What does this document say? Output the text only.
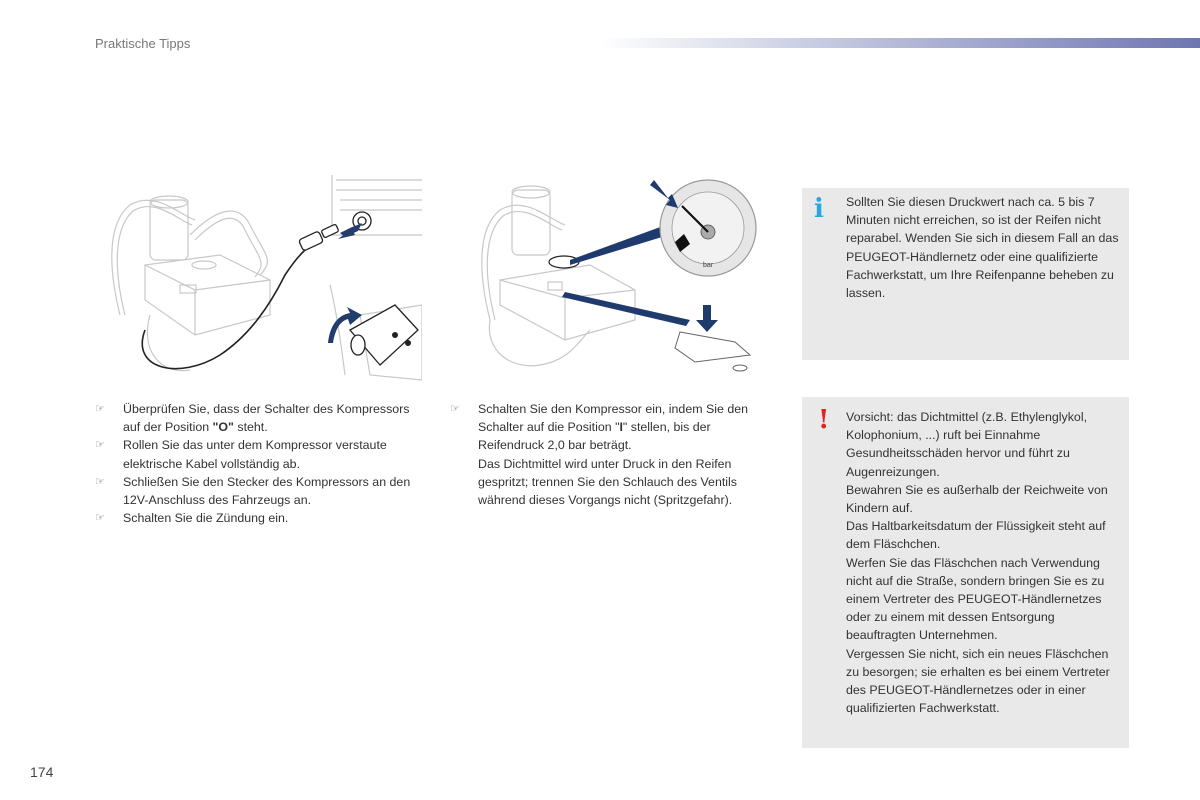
Praktische Tipps
bar
☞ Überprüfen Sie, dass der Schalter des Kompressors auf der Position "O" steht.
☞ Rollen Sie das unter dem Kompressor verstaute elektrische Kabel vollständig ab.
☞ Schließen Sie den Stecker des Kompressors an den 12V-Anschluss des Fahrzeugs an.
☞ Schalten Sie die Zündung ein.
☞ Schalten Sie den Kompressor ein, indem Sie den Schalter auf die Position "I" stellen, bis der Reifendruck 2,0 bar beträgt.

Das Dichtmittel wird unter Druck in den Reifen gespritzt; trennen Sie den Schlauch des Ventils während dieses Vorgangs nicht (Spritzgefahr).

i Sollten Sie diesen Druckwert nach ca. 5 bis 7 Minuten nicht erreichen, so ist der Reifen nicht reparabel. Wenden Sie sich in diesem Fall an das PEUGEOT-Händlernetz oder eine qualifizierte Fachwerkstatt, um Ihre Reifenpanne beheben zu lassen.

! Vorsicht: das Dichtmittel (z.B. Ethylenglykol, Kolophonium, ...) ruft bei Einnahme Gesundheitsschäden hervor und führt zu Augenreizungen.

Bewahren Sie es außerhalb der Reichweite von Kindern auf.

Das Haltbarkeitsdatum der Flüssigkeit steht auf dem Fläschchen.

Werfen Sie das Fläschchen nach Verwendung nicht auf die Straße, sondern bringen Sie es zu einem Vertreter des PEUGEOT-Händlernetzes oder zu einem mit dessen Entsorgung beauftragten Unternehmen.

Vergessen Sie nicht, sich ein neues Fläschchen zu besorgen; sie erhalten es bei einem Vertreter des PEUGEOT-Händlernetzes oder in einer qualifizierten Fachwerkstatt.

174
